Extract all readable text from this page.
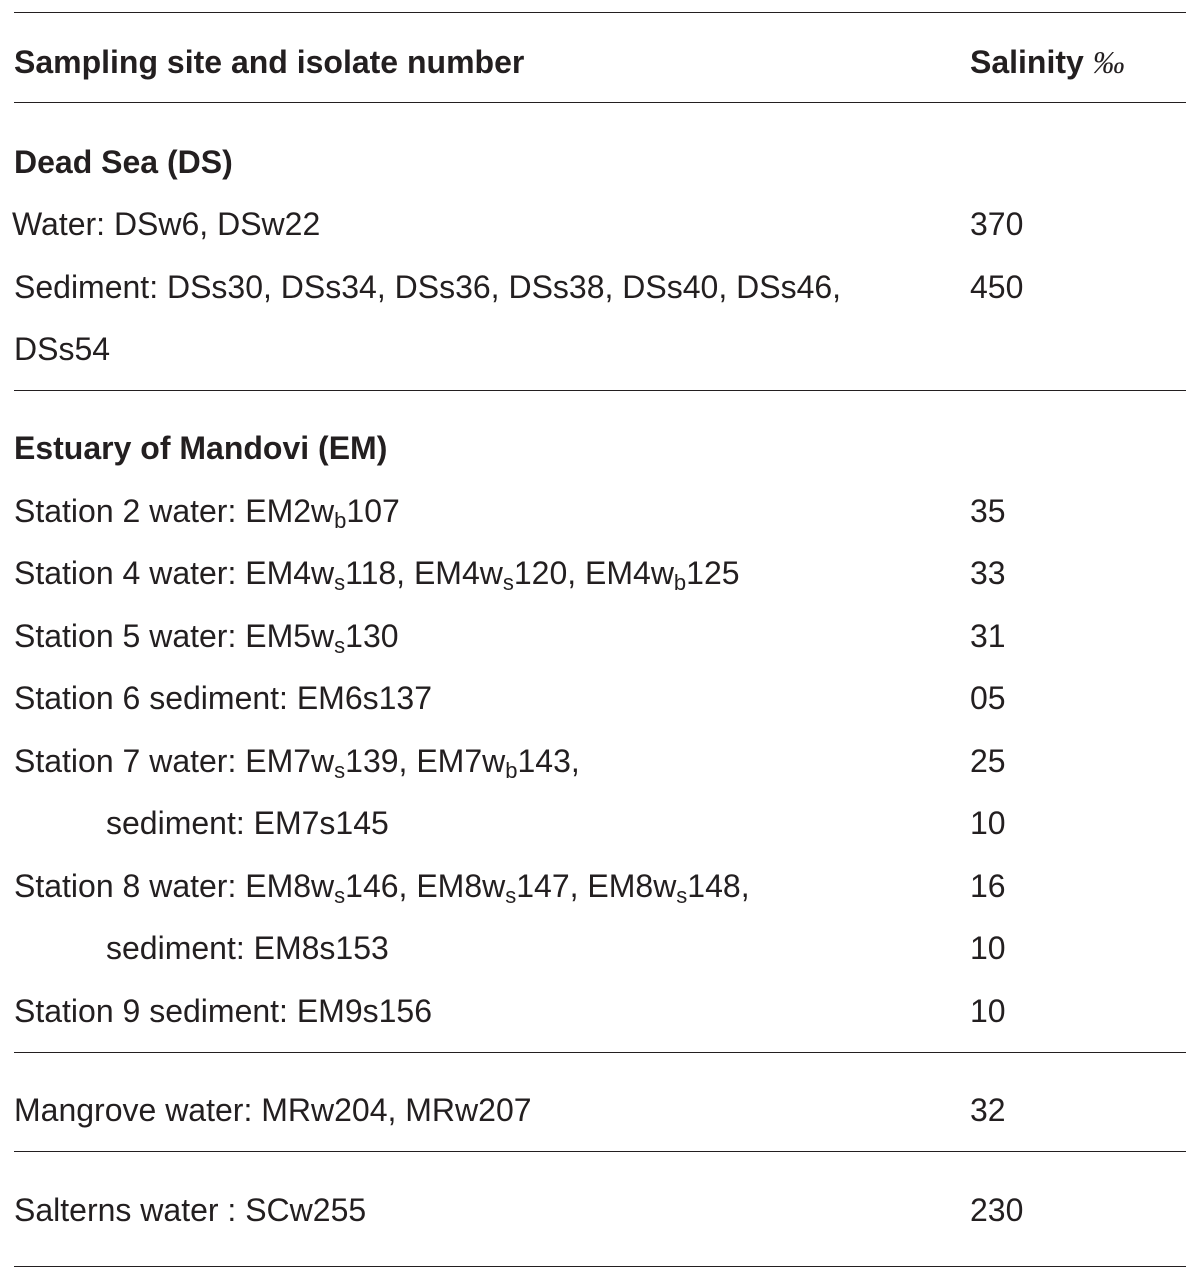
Sampling site and isolate number	Salinity ‰
Dead Sea (DS)
Water: DSw6, DSw22	370
Sediment: DSs30, DSs34, DSs36, DSs38, DSs40, DSs46,	450
DSs54
Estuary of Mandovi (EM)
Station 2 water: $EM2w_b107$	35
Station 4 water: $EM4w_s118$, $EM4w_s120$, $EM4w_b125$	33
Station 5 water: $EM5w_s130$	31
Station 6 sediment: EM6s137	05
Station 7 water: $EM7w_s139$, $EM7w_b143$,	25
sediment: EM7s145	10
Station 8 water: $EM8w_s146$, $EM8w_s147$, $EM8w_s148$,	16
sediment: EM8s153	10
Station 9 sediment: EM9s156	10
Mangrove water: MRw204, MRw207	32
Salterns water : SCw255	230
